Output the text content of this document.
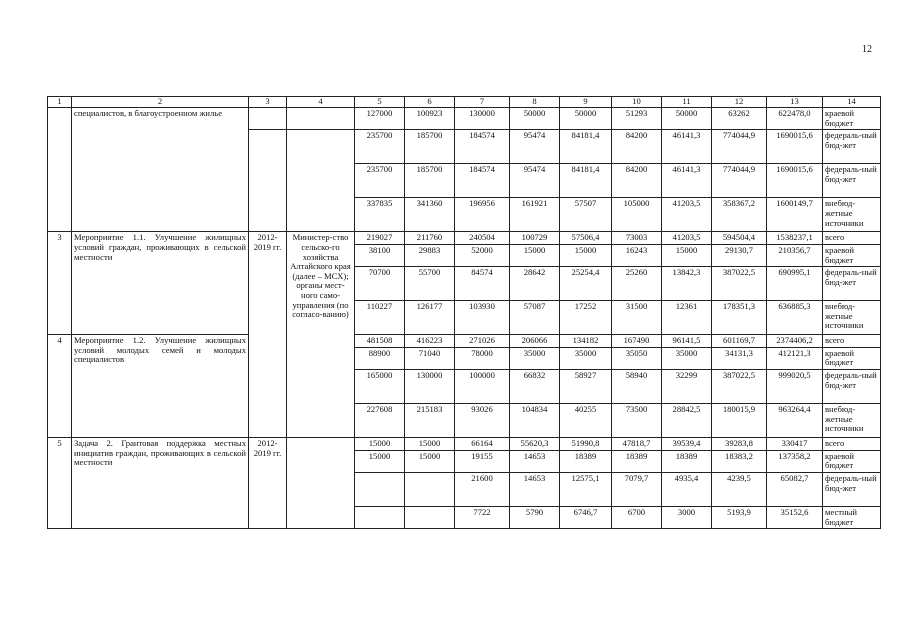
12
1	2	3	4	5	6	7	8	9	10	11	12	13	14
	специалистов, в благоустроенном жилье			127000	100923	130000	50000	50000	51293	50000	63262	622478,0	краевой бюджет
				235700	185700	184574	95474	84181,4	84200	46141,3	774044,9	1690015,6	федераль-ный бюд-жет
				235700	185700	184574	95474	84181,4	84200	46141,3	774044,9	1690015,6	федераль-ный бюд-жет
				337835	341360	196956	161921	57507	105000	41203,5	358367,2	1600149,7	внебюд-жетные источники
3	Мероприятие 1.1. Улучшение жилищных условий граждан, проживающих в сельской местности	2012-2019 гг.	Министер-ство сельско-го хозяйства Алтайского края (далее – МСХ); органы мест-ного само-управления (по согласо-ванию)	219027	211760	240504	100729	57506,4	73003	41203,5	594504,4	1538237,1	всего
				38100	29883	52000	15000	15000	16243	15000	29130,7	210356,7	краевой бюджет
				70700	55700	84574	28642	25254,4	25260	13842,3	387022,5	690995,1	федераль-ный бюд-жет
				110227	126177	103930	57087	17252	31500	12361	178351,3	636885,3	внебюд-жетные источники
4	Мероприятие 1.2. Улучшение жилищных условий молодых семей и молодых специалистов			481508	416223	271026	206066	134182	167490	96141,5	601169,7	2374406,2	всего
				88900	71040	78000	35000	35000	35050	35000	34131,3	412121,3	краевой бюджет
				165000	130000	100000	66832	58927	58940	32299	387022,5	999020,5	федераль-ный бюд-жет
				227608	215183	93026	104834	40255	73500	28842,5	180015,9	963264,4	внебюд-жетные источники
5	Задача 2. Грантовая поддержка местных инициатив граждан, проживающих в сельской местности	2012-2019 гг.		15000	15000	66164	55620,3	51990,8	47818,7	39539,4	39283,8	330417	всего
				15000	15000	19155	14653	18389	18389	18389	18383,2	137358,2	краевой бюджет
						21600	14653	12575,1	7079,7	4935,4	4239,5	65082,7	федераль-ный бюд-жет
						7722	5790	6746,7	6700	3000	5193,9	35152,6	местный бюджет
